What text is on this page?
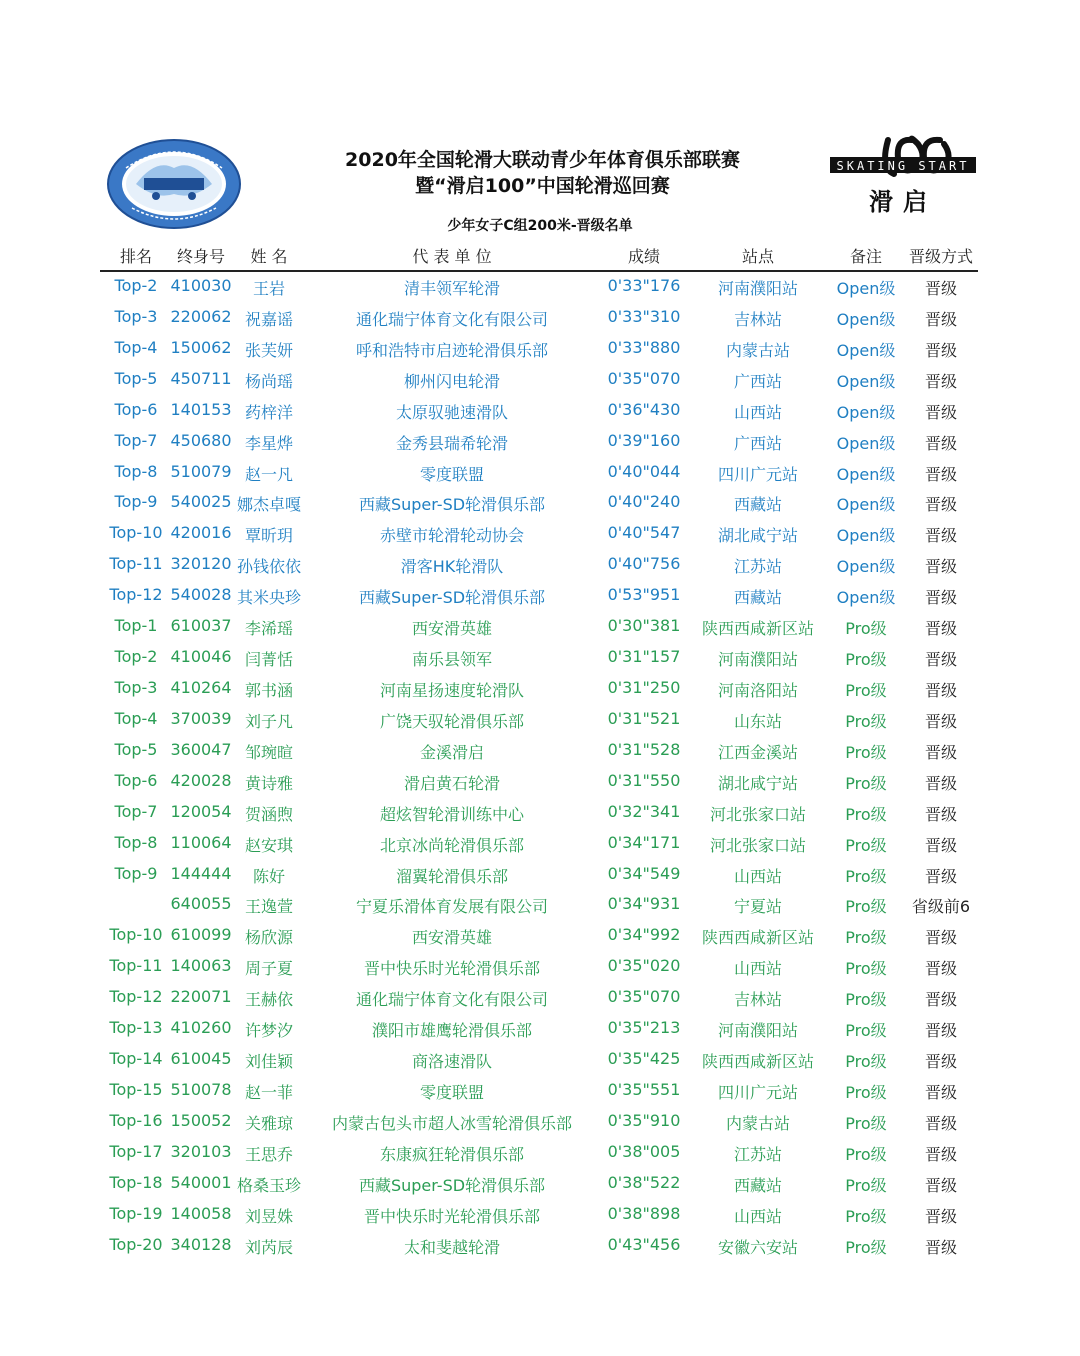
SKATING START
滑启
2020年全国轮滑大联动青少年体育俱乐部联赛
暨“滑启100”中国轮滑巡回赛
少年女子C组200米-晋级名单
排名	终身号	姓 名	代 表 单 位	成绩	站点	备注	晋级方式
Top-2 410030	王岩	清丰领军轮滑	0'33"176	河南濮阳站	Open级	晋级
Top-3 220062 祝嘉谣	通化瑞宁体育文化有限公司	0'33"310	吉林站	Open级	晋级
Top-4 150062 张芙妍	呼和浩特市启迹轮滑俱乐部	0'33"880	内蒙古站	Open级	晋级
Top-5 450711 杨尚瑶	柳州闪电轮滑	0'35"070	广西站	Open级	晋级
Top-6 140153 药梓洋	太原驭驰速滑队	0'36"430	山西站	Open级	晋级
Top-7 450680 李星烨	金秀县瑞希轮滑	0'39"160	广西站	Open级	晋级
Top-8 510079 赵一凡	零度联盟	0'40"044	四川广元站	Open级	晋级
Top-9 540025 娜杰卓嘎	西藏Super-SD轮滑俱乐部	0'40"240	西藏站	Open级	晋级
Top-10 420016 覃昕玥	赤壁市轮滑轮动协会	0'40"547	湖北咸宁站	Open级	晋级
Top-11 320120 孙钱依依	滑客HK轮滑队	0'40"756	江苏站	Open级	晋级
Top-12 540028 其米央珍	西藏Super-SD轮滑俱乐部	0'53"951	西藏站	Open级	晋级
Top-1 610037 李浠瑶	西安滑英雄	0'30"381	陕西西咸新区站	Pro级	晋级
Top-2 410046 闫菁恬	南乐县领军	0'31"157	河南濮阳站	Pro级	晋级
Top-3 410264 郭书涵	河南星扬速度轮滑队	0'31"250	河南洛阳站	Pro级	晋级
Top-4 370039 刘子凡	广饶天驭轮滑俱乐部	0'31"521	山东站	Pro级	晋级
Top-5 360047 邹琬暄	金溪滑启	0'31"528	江西金溪站	Pro级	晋级
Top-6 420028 黄诗雅	滑启黄石轮滑	0'31"550	湖北咸宁站	Pro级	晋级
Top-7 120054 贺涵煦	超炫智轮滑训练中心	0'32"341	河北张家口站	Pro级	晋级
Top-8 110064 赵安琪	北京冰尚轮滑俱乐部	0'34"171	河北张家口站	Pro级	晋级
Top-9 144444	陈好	溜翼轮滑俱乐部	0'34"549	山西站	Pro级	晋级
640055 王逸萱	宁夏乐滑体育发展有限公司	0'34"931	宁夏站	Pro级	省级前6
Top-10 610099 杨欣源	西安滑英雄	0'34"992	陕西西咸新区站	Pro级	晋级
Top-11 140063 周子夏	晋中快乐时光轮滑俱乐部	0'35"020	山西站	Pro级	晋级
Top-12 220071 王赫依	通化瑞宁体育文化有限公司	0'35"070	吉林站	Pro级	晋级
Top-13 410260 许梦汐	濮阳市雄鹰轮滑俱乐部	0'35"213	河南濮阳站	Pro级	晋级
Top-14 610045 刘佳颖	商洛速滑队	0'35"425	陕西西咸新区站	Pro级	晋级
Top-15 510078 赵一菲	零度联盟	0'35"551	四川广元站	Pro级	晋级
Top-16 150052 关雅琼	内蒙古包头市超人冰雪轮滑俱乐部	0'35"910	内蒙古站	Pro级	晋级
Top-17 320103 王思乔	东康疯狂轮滑俱乐部	0'38"005	江苏站	Pro级	晋级
Top-18 540001 格桑玉珍	西藏Super-SD轮滑俱乐部	0'38"522	西藏站	Pro级	晋级
Top-19 140058 刘昱姝	晋中快乐时光轮滑俱乐部	0'38"898	山西站	Pro级	晋级
Top-20 340128 刘芮辰	太和斐越轮滑	0'43"456	安徽六安站	Pro级	晋级
